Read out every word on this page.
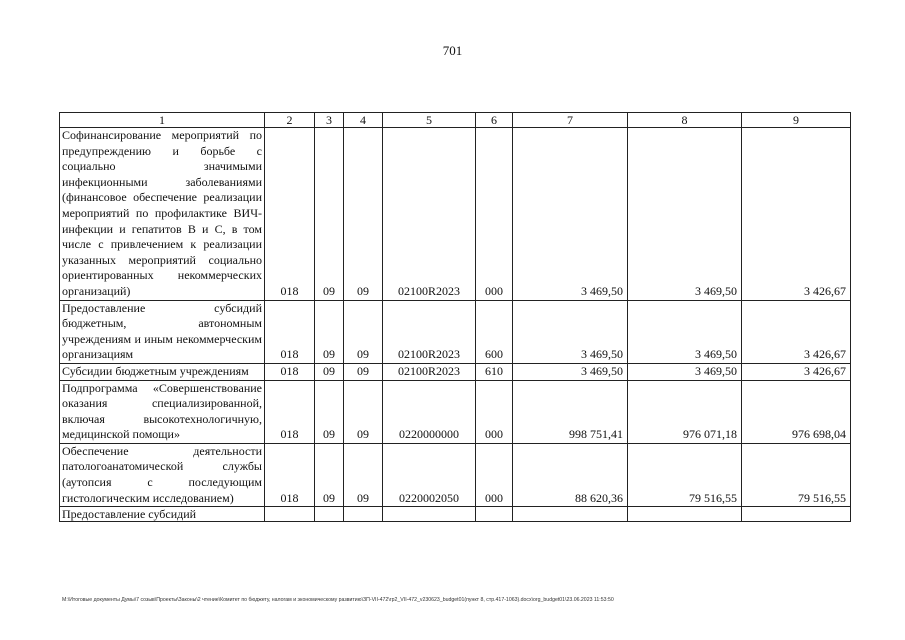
701
1	2	3	4	5	6	7	8	9
Софинансирование мероприятий по предупреждению и борьбе с социально значимыми инфекционными заболеваниями (финансовое обеспечение реализации мероприятий по профилактике ВИЧ-инфекции и гепатитов В и С, в том числе с привлечением к реализации указанных мероприятий социально ориентированных некоммерческих организаций)	018	09	09	02100R2023	000	3 469,50	3 469,50	3 426,67
Предоставление субсидий бюджетным, автономным учреждениям и иным некоммерческим организациям	018	09	09	02100R2023	600	3 469,50	3 469,50	3 426,67
Субсидии бюджетным учреждениям	018	09	09	02100R2023	610	3 469,50	3 469,50	3 426,67
Подпрограмма «Совершенствование оказания специализированной, включая высокотехнологичную, медицинской помощи»	018	09	09	0220000000	000	998 751,41	976 071,18	976 698,04
Обеспечение деятельности патологоанатомической службы (аутопсия с последующим гистологическим исследованием)	018	09	09	0220002050	000	88 620,36	79 516,55	79 516,55
Предоставление субсидий								
М:\Итоговые документы Думы\7 созыв\Проекты\Законы\2 чтение\Комитет по бюджету, налогам и экономическому развитию\ЗП-VII-472\гр2_VII-472_v230623_budget01(пункт 8, стр.417-1063).docx\org_budget01\23.06.2023 11:53:50
